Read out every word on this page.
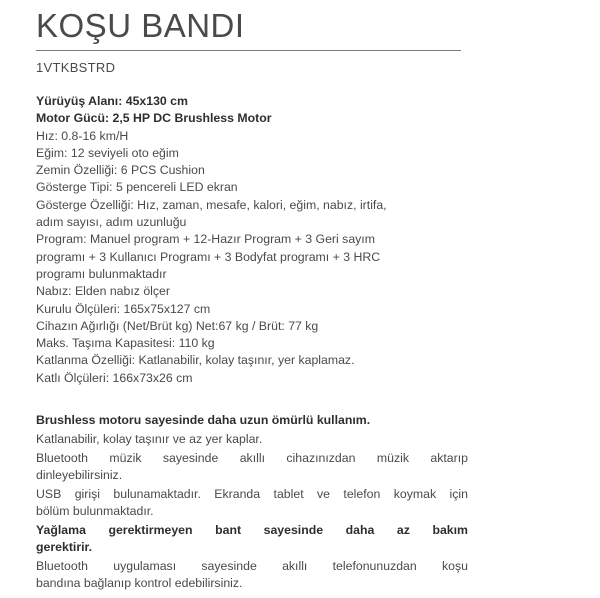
KOŞU BANDI
1VTKBSTRD
Yürüyüş Alanı: 45x130 cm
Motor Gücü: 2,5 HP DC Brushless Motor
Hız: 0.8-16 km/H
Eğim: 12 seviyeli oto eğim
Zemin Özelliği: 6 PCS Cushion
Gösterge Tipi: 5 pencereli LED ekran
Gösterge Özelliği: Hız, zaman, mesafe, kalori, eğim, nabız, irtifa,
adım sayısı, adım uzunluğu
Program: Manuel program + 12-Hazır Program + 3 Geri sayım
programı + 3 Kullanıcı Programı + 3 Bodyfat programı + 3 HRC
programı bulunmaktadır
Nabız: Elden nabız ölçer
Kurulu Ölçüleri: 165x75x127 cm
Cihazın Ağırlığı (Net/Brüt kg) Net:67 kg / Brüt: 77 kg
Maks. Taşıma Kapasitesi: 110 kg
Katlanma Özelliği: Katlanabilir, kolay taşınır, yer kaplamaz.
Katlı Ölçüleri: 166x73x26 cm
Brushless motoru sayesinde daha uzun ömürlü kullanım.
Katlanabilir, kolay taşınır ve az yer kaplar.
Bluetooth müzik sayesinde akıllı cihazınızdan müzik aktarıp
dinleyebilirsiniz.
USB girişi bulunamaktadır. Ekranda tablet ve telefon koymak için
bölüm bulunmaktadır.
Yağlama gerektirmeyen bant sayesinde daha az bakım
gerektirir.
Bluetooth uygulaması sayesinde akıllı telefonunuzdan koşu
bandına bağlanıp kontrol edebilirsiniz.
